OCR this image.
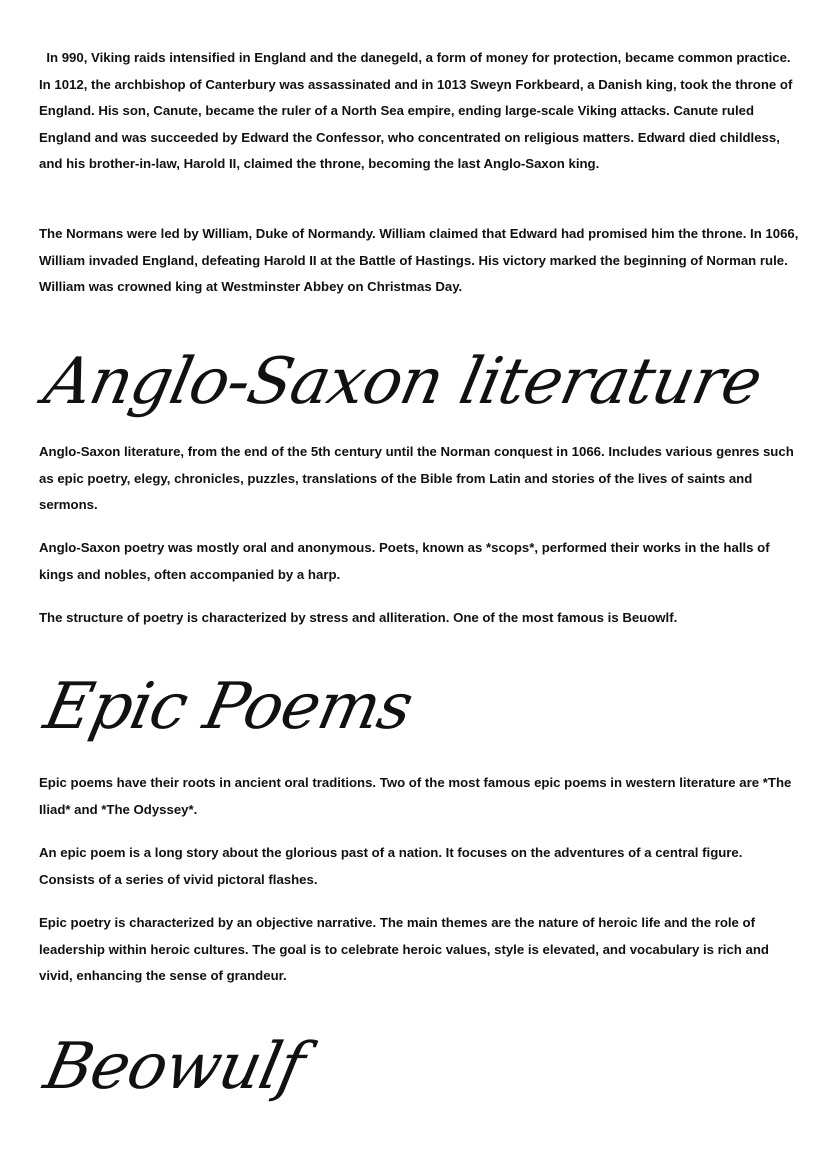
In 990, Viking raids intensified in England and the danegeld, a form of money for protection, became common practice. In 1012, the archbishop of Canterbury was assassinated and in 1013 Sweyn Forkbeard, a Danish king, took the throne of England. His son, Canute, became the ruler of a North Sea empire, ending large-scale Viking attacks. Canute ruled England and was succeeded by Edward the Confessor, who concentrated on religious matters. Edward died childless, and his brother-in-law, Harold II, claimed the throne, becoming the last Anglo-Saxon king.

The Normans were led by William, Duke of Normandy. William claimed that Edward had promised him the throne. In 1066, William invaded England, defeating Harold II at the Battle of Hastings. His victory marked the beginning of Norman rule. William was crowned king at Westminster Abbey on Christmas Day.

Anglo-Saxon literature

Anglo-Saxon literature, from the end of the 5th century until the Norman conquest in 1066. Includes various genres such as epic poetry, elegy, chronicles, puzzles, translations of the Bible from Latin and stories of the lives of saints and sermons.

Anglo-Saxon poetry was mostly oral and anonymous. Poets, known as *scops*, performed their works in the halls of kings and nobles, often accompanied by a harp.

The structure of poetry is characterized by stress and alliteration. One of the most famous is Beuowlf.

Epic Poems

Epic poems have their roots in ancient oral traditions. Two of the most famous epic poems in western literature are *The Iliad* and *The Odyssey*.

An epic poem is a long story about the glorious past of a nation. It focuses on the adventures of a central figure. Consists of a series of vivid pictoral flashes.

Epic poetry is characterized by an objective narrative. The main themes are the nature of heroic life and the role of leadership within heroic cultures. The goal is to celebrate heroic values, style is elevated, and vocabulary is rich and vivid, enhancing the sense of grandeur.

Beowulf
